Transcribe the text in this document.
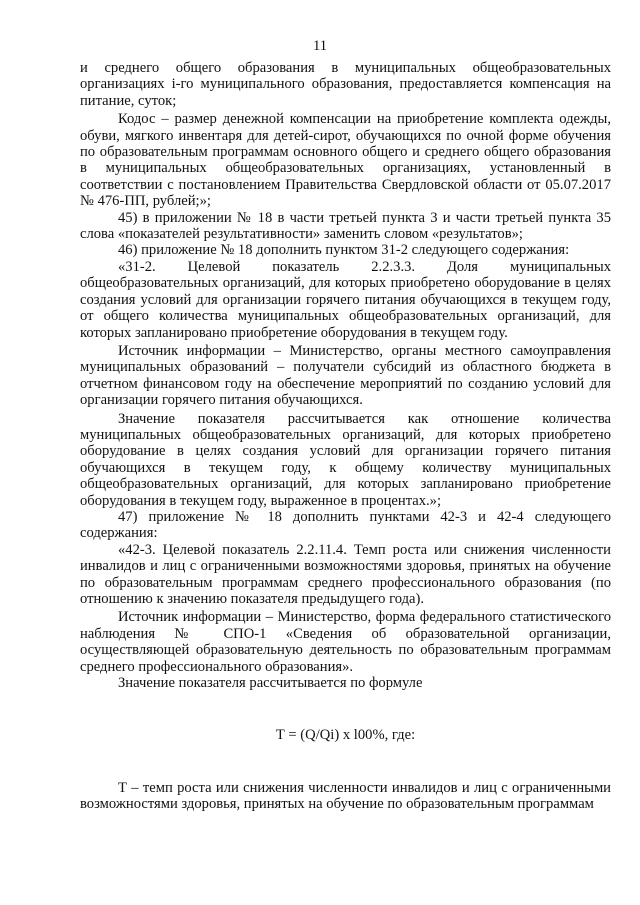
11

и среднего общего образования в муниципальных общеобразовательных организациях i-го муниципального образования, предоставляется компенсация на питание, суток;

Кодос – размер денежной компенсации на приобретение комплекта одежды, обуви, мягкого инвентаря для детей-сирот, обучающихся по очной форме обучения по образовательным программам основного общего и среднего общего образования в муниципальных общеобразовательных организациях, установленный в соответствии с постановлением Правительства Свердловской области от 05.07.2017 № 476-ПП, рублей;»;

45) в приложении № 18 в части третьей пункта 3 и части третьей пункта 35 слова «показателей результативности» заменить словом «результатов»;

46) приложение № 18 дополнить пунктом 31-2 следующего содержания:

«31-2. Целевой показатель 2.2.3.3. Доля муниципальных общеобразовательных организаций, для которых приобретено оборудование в целях создания условий для организации горячего питания обучающихся в текущем году, от общего количества муниципальных общеобразовательных организаций, для которых запланировано приобретение оборудования в текущем году.

Источник информации – Министерство, органы местного самоуправления муниципальных образований – получатели субсидий из областного бюджета в отчетном финансовом году на обеспечение мероприятий по созданию условий для организации горячего питания обучающихся.

Значение показателя рассчитывается как отношение количества муниципальных общеобразовательных организаций, для которых приобретено оборудование в целях создания условий для организации горячего питания обучающихся в текущем году, к общему количеству муниципальных общеобразовательных организаций, для которых запланировано приобретение оборудования в текущем году, выраженное в процентах.»;

47) приложение № 18 дополнить пунктами 42-3 и 42-4 следующего содержания:

«42-3. Целевой показатель 2.2.11.4. Темп роста или снижения численности инвалидов и лиц с ограниченными возможностями здоровья, принятых на обучение по образовательным программам среднего профессионального образования (по отношению к значению показателя предыдущего года).

Источник информации – Министерство, форма федерального статистического наблюдения № СПО-1 «Сведения об образовательной организации, осуществляющей образовательную деятельность по образовательным программам среднего профессионального образования».

Значение показателя рассчитывается по формуле

Т = (Q/Qi) x l00%, где:

Т – темп роста или снижения численности инвалидов и лиц с ограниченными возможностями здоровья, принятых на обучение по образовательным программам
